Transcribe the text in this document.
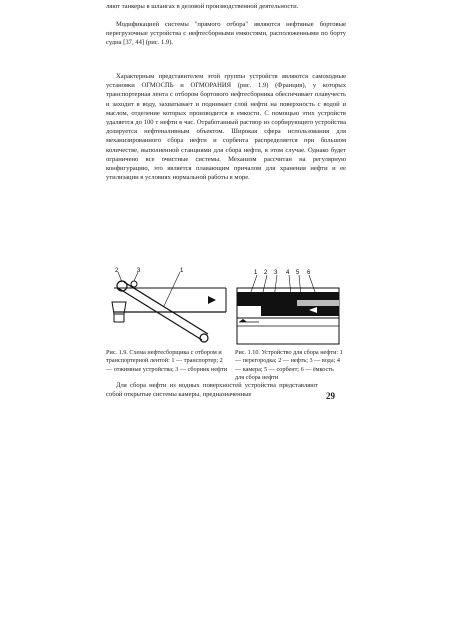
ляют танкеры в шлангах в деловой производственной деятельности.

Модификацией системы "прямого отбора" являются нефтяные бортовые перегрузочные устройства с нефтесборными емкостями, расположенными по борту судна [37, 44] (рис. 1.9).

Характерным представителем этой группы устройств являются самоходные установки ОГМОСПЬ и ОГМОРАНИЯ (рис. 1.9) (Франция), у которых транспортерная лента с отбором бортового нефтесборника обеспечивает плавучесть и заходит в воду, захватывает и поднимает слой нефти на поверхность с водой и маслом, отделение которых производится в емкости. С помощью этих устройств удаляется до 100 т нефти в час. Отработанный раствор из сорбирующего устройства дозируется нефтеналивным объектом. Широкая сфера использования для механизированного сбора нефти и сорбента распределяется при большом количестве, выполненной станциями для сбора нефти, в этом случае. Однако будет ограничено все очистные системы. Механизм рассчитан на регулярную конфигурацию, это является плавающим причалом для хранения нефти и ее утилизации в условиях нормальной работы в море.

2	3	1	1 2 3 4 5 6
Рис. 1.9. Схема нефтесборщика с отбором и транспортерной лентой: 1 — транспортер; 2 — отжимные устройства; 3 — сборник нефти
Рис. 1.10. Устройство для сбора нефти: 1 — перегородка; 2 — нефть; 3 — вода; 4 — камера; 5 — сорбент; 6 — ёмкость для сбора нефти
29

Для сбора нефти из водных поверхностей устройства представляют собой открытые системы камеры, предназначенные
